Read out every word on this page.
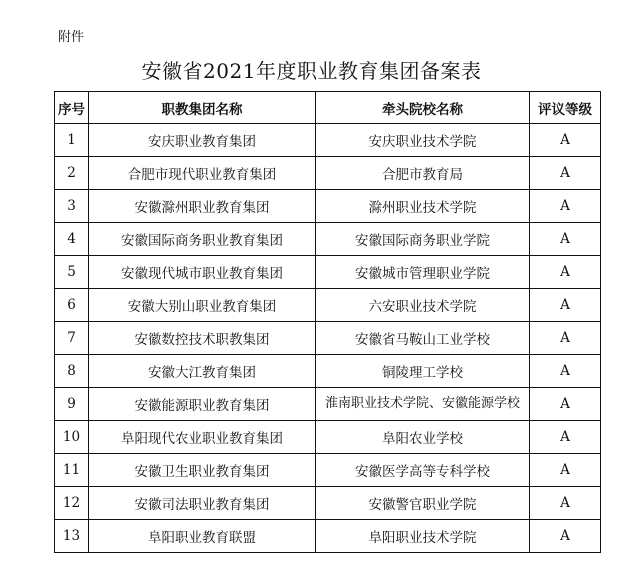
附件
安徽省2021年度职业教育集团备案表
序号	职教集团名称	牵头院校名称	评议等级
1	安庆职业教育集团	安庆职业技术学院	A
2	合肥市现代职业教育集团	合肥市教育局	A
3	安徽滁州职业教育集团	滁州职业技术学院	A
4	安徽国际商务职业教育集团	安徽国际商务职业学院	A
5	安徽现代城市职业教育集团	安徽城市管理职业学院	A
6	安徽大别山职业教育集团	六安职业技术学院	A
7	安徽数控技术职教集团	安徽省马鞍山工业学校	A
8	安徽大江教育集团	铜陵理工学校	A
9	安徽能源职业教育集团	淮南职业技术学院、安徽能源学校	A
10	阜阳现代农业职业教育集团	阜阳农业学校	A
11	安徽卫生职业教育集团	安徽医学高等专科学校	A
12	安徽司法职业教育集团	安徽警官职业学院	A
13	阜阳职业教育联盟	阜阳职业技术学院	A
